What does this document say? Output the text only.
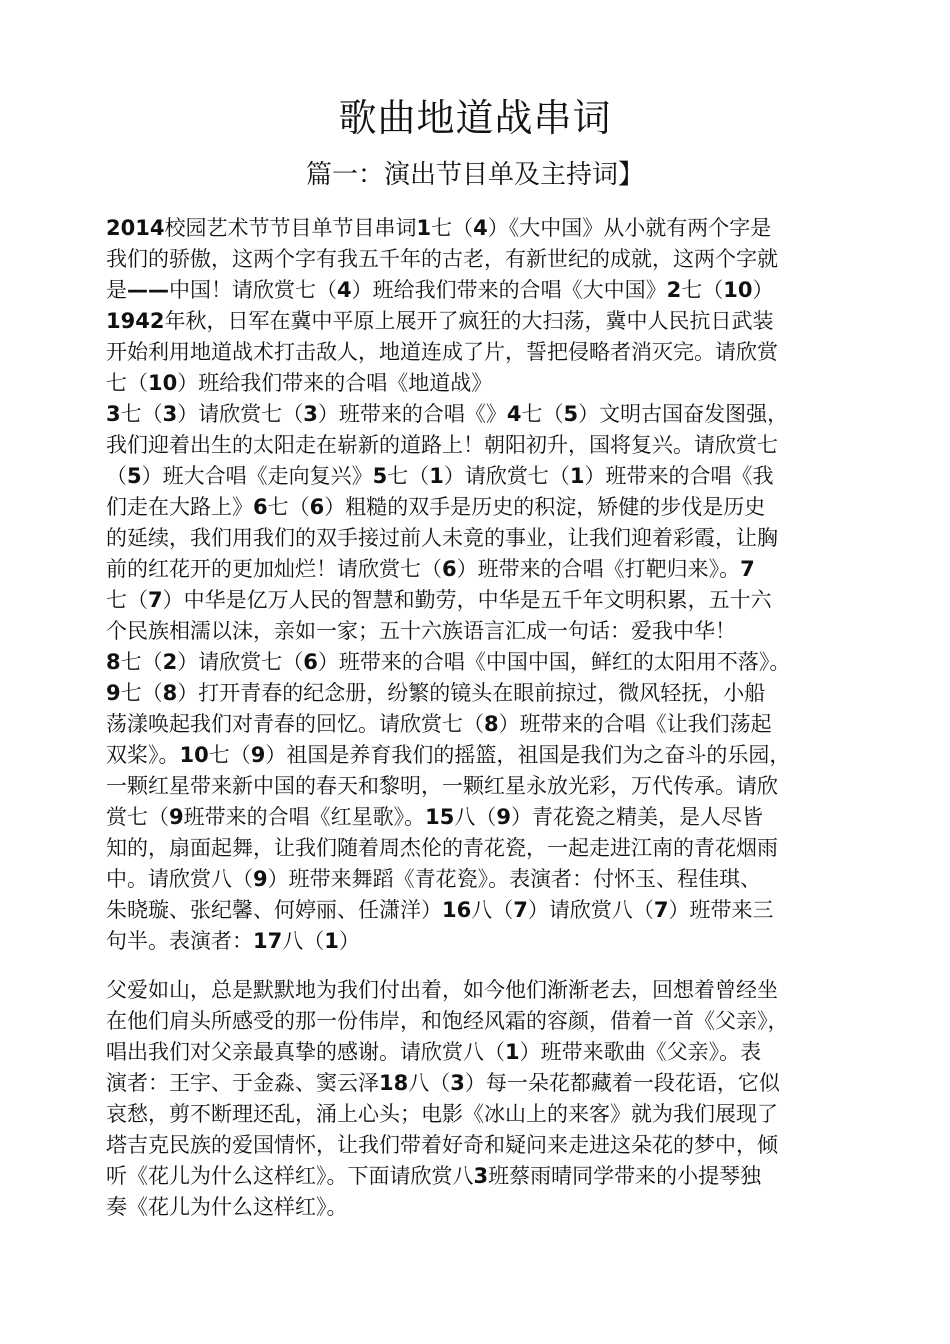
歌曲地道战串词
篇一：演出节目单及主持词】
2014校园艺术节节目单节目串词1七（4）《大中国》从小就有两个字是
我们的骄傲，这两个字有我五千年的古老，有新世纪的成就，这两个字就
是——中国！请欣赏七（4）班给我们带来的合唱《大中国》2七（10）
1942年秋，日军在冀中平原上展开了疯狂的大扫荡，冀中人民抗日武装
开始利用地道战术打击敌人，地道连成了片，誓把侵略者消灭完。请欣赏
七（10）班给我们带来的合唱《地道战》
3七（3）请欣赏七（3）班带来的合唱《》4七（5）文明古国奋发图强，
我们迎着出生的太阳走在崭新的道路上！朝阳初升，国将复兴。请欣赏七
（5）班大合唱《走向复兴》5七（1）请欣赏七（1）班带来的合唱《我
们走在大路上》6七（6）粗糙的双手是历史的积淀，矫健的步伐是历史
的延续，我们用我们的双手接过前人未竟的事业，让我们迎着彩霞，让胸
前的红花开的更加灿烂！请欣赏七（6）班带来的合唱《打靶归来》。7
七（7）中华是亿万人民的智慧和勤劳，中华是五千年文明积累，五十六
个民族相濡以沫，亲如一家；五十六族语言汇成一句话：爱我中华！
8七（2）请欣赏七（6）班带来的合唱《中国中国，鲜红的太阳用不落》。
9七（8）打开青春的纪念册，纷繁的镜头在眼前掠过，微风轻抚，小船
荡漾唤起我们对青春的回忆。请欣赏七（8）班带来的合唱《让我们荡起
双桨》。10七（9）祖国是养育我们的摇篮，祖国是我们为之奋斗的乐园，
一颗红星带来新中国的春天和黎明，一颗红星永放光彩，万代传承。请欣
赏七（9班带来的合唱《红星歌》。15八（9）青花瓷之精美，是人尽皆
知的，扇面起舞，让我们随着周杰伦的青花瓷，一起走进江南的青花烟雨
中。请欣赏八（9）班带来舞蹈《青花瓷》。表演者：付怀玉、程佳琪、
朱晓璇、张纪馨、何婷丽、任潇洋）16八（7）请欣赏八（7）班带来三
句半。表演者：17八（1）
父爱如山，总是默默地为我们付出着，如今他们渐渐老去，回想着曾经坐
在他们肩头所感受的那一份伟岸，和饱经风霜的容颜，借着一首《父亲》，
唱出我们对父亲最真挚的感谢。请欣赏八（1）班带来歌曲《父亲》。表
演者：王宇、于金淼、窦云泽18八（3）每一朵花都藏着一段花语，它似
哀愁，剪不断理还乱，涌上心头；电影《冰山上的来客》就为我们展现了
塔吉克民族的爱国情怀，让我们带着好奇和疑问来走进这朵花的梦中，倾
听《花儿为什么这样红》。下面请欣赏八3班蔡雨晴同学带来的小提琴独
奏《花儿为什么这样红》。
